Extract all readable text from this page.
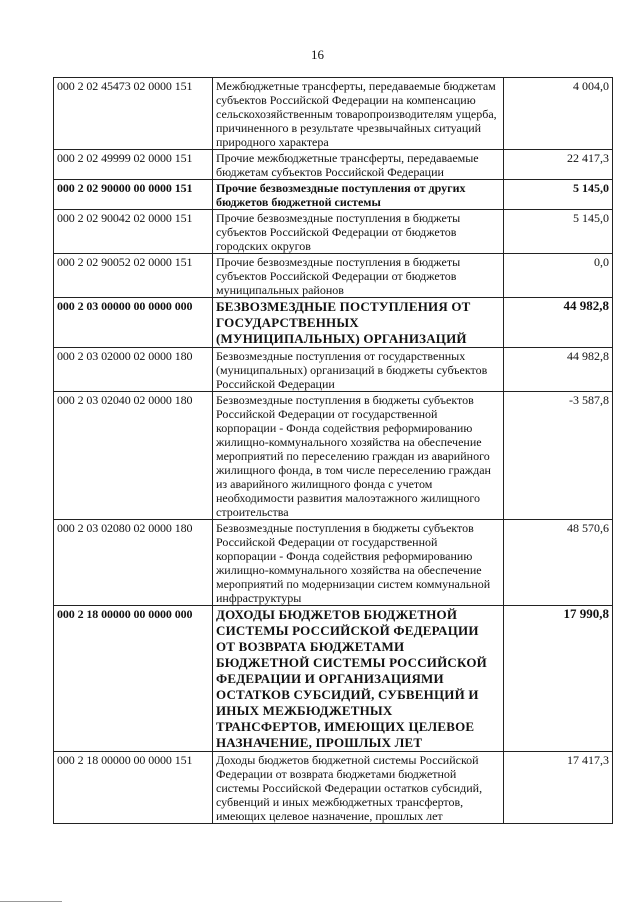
16
000 2 02 45473 02 0000 151	Межбюджетные трансферты, передаваемые бюджетам субъектов Российской Федерации на компенсацию сельскохозяйственным товаропроизводителям ущерба, причиненного в результате чрезвычайных ситуаций природного характера	4 004,0
000 2 02 49999 02 0000 151	Прочие межбюджетные трансферты, передаваемые бюджетам субъектов Российской Федерации	22 417,3
000 2 02 90000 00 0000 151	Прочие безвозмездные поступления от других бюджетов бюджетной системы	5 145,0
000 2 02 90042 02 0000 151	Прочие безвозмездные поступления в бюджеты субъектов Российской Федерации от бюджетов городских округов	5 145,0
000 2 02 90052 02 0000 151	Прочие безвозмездные поступления в бюджеты субъектов Российской Федерации от бюджетов муниципальных районов	0,0
000 2 03 00000 00 0000 000	БЕЗВОЗМЕЗДНЫЕ ПОСТУПЛЕНИЯ ОТ ГОСУДАРСТВЕННЫХ (МУНИЦИПАЛЬНЫХ) ОРГАНИЗАЦИЙ	44 982,8
000 2 03 02000 02 0000 180	Безвозмездные поступления от государственных (муниципальных) организаций в бюджеты субъектов Российской Федерации	44 982,8
000 2 03 02040 02 0000 180	Безвозмездные поступления в бюджеты субъектов Российской Федерации от государственной корпорации - Фонда содействия реформированию жилищно-коммунального хозяйства на обеспечение мероприятий по переселению граждан из аварийного жилищного фонда, в том числе переселению граждан из аварийного жилищного фонда с учетом необходимости развития малоэтажного жилищного строительства	-3 587,8
000 2 03 02080 02 0000 180	Безвозмездные поступления в бюджеты субъектов Российской Федерации от государственной корпорации - Фонда содействия реформированию жилищно-коммунального хозяйства на обеспечение мероприятий по модернизации систем коммунальной инфраструктуры	48 570,6
000 2 18 00000 00 0000 000	ДОХОДЫ БЮДЖЕТОВ БЮДЖЕТНОЙ СИСТЕМЫ РОССИЙСКОЙ ФЕДЕРАЦИИ ОТ ВОЗВРАТА БЮДЖЕТАМИ БЮДЖЕТНОЙ СИСТЕМЫ РОССИЙСКОЙ ФЕДЕРАЦИИ И ОРГАНИЗАЦИЯМИ ОСТАТКОВ СУБСИДИЙ, СУБВЕНЦИЙ И ИНЫХ МЕЖБЮДЖЕТНЫХ ТРАНСФЕРТОВ, ИМЕЮЩИХ ЦЕЛЕВОЕ НАЗНАЧЕНИЕ, ПРОШЛЫХ ЛЕТ	17 990,8
000 2 18 00000 00 0000 151	Доходы бюджетов бюджетной системы Российской Федерации от возврата бюджетами бюджетной системы Российской Федерации остатков субсидий, субвенций и иных межбюджетных трансфертов, имеющих целевое назначение, прошлых лет	17 417,3
